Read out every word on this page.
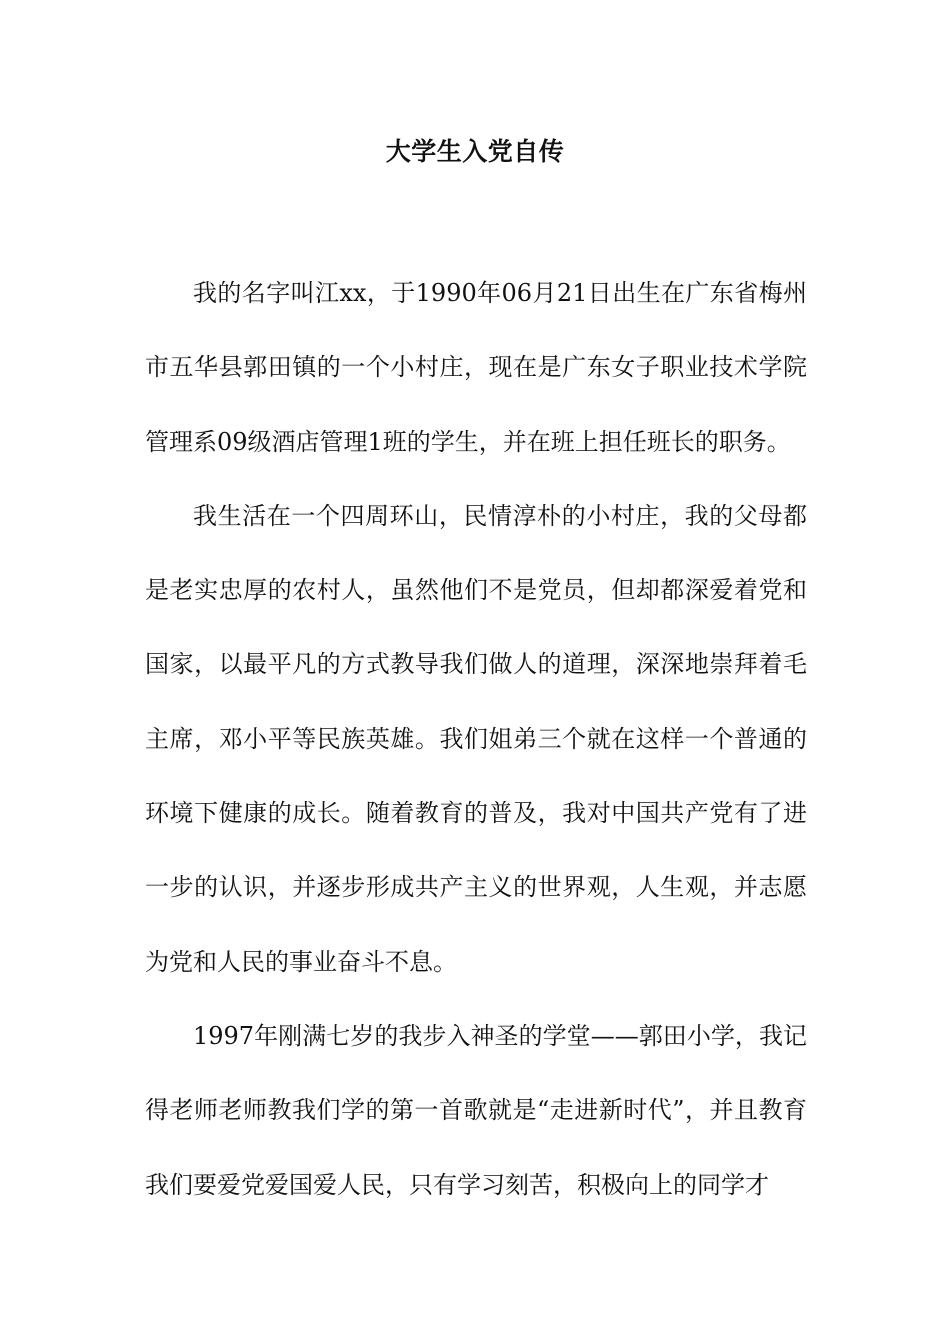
大学生入党自传

我的名字叫江xx，于1990年06月21日出生在广东省梅州市五华县郭田镇的一个小村庄，现在是广东女子职业技术学院管理系09级酒店管理1班的学生，并在班上担任班长的职务。

我生活在一个四周环山，民情淳朴的小村庄，我的父母都是老实忠厚的农村人，虽然他们不是党员，但却都深爱着党和国家，以最平凡的方式教导我们做人的道理，深深地崇拜着毛主席，邓小平等民族英雄。我们姐弟三个就在这样一个普通的环境下健康的成长。随着教育的普及，我对中国共产党有了进一步的认识，并逐步形成共产主义的世界观，人生观，并志愿为党和人民的事业奋斗不息。

1997年刚满七岁的我步入神圣的学堂——郭田小学，我记得老师老师教我们学的第一首歌就是“走进新时代”，并且教育我们要爱党爱国爱人民，只有学习刻苦，积极向上的同学才
